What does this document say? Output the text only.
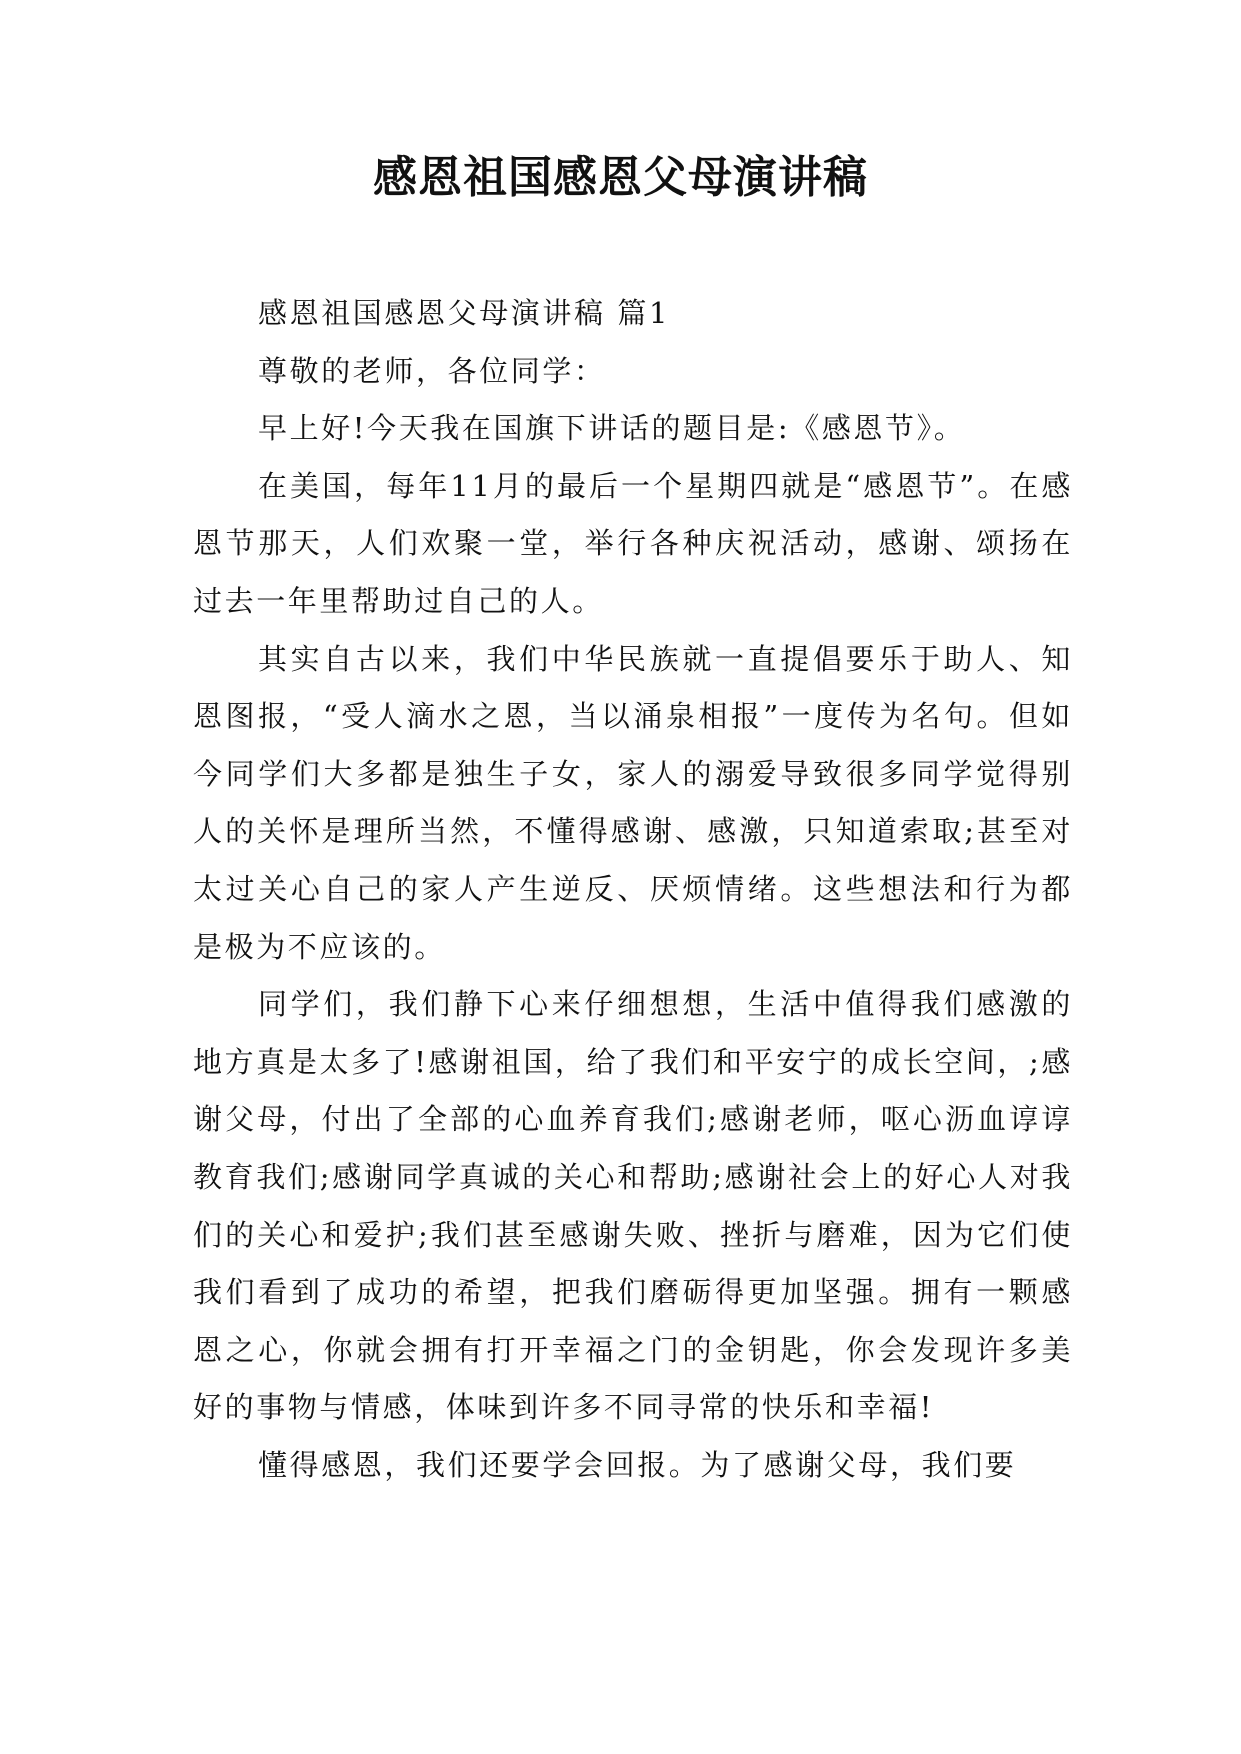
感恩祖国感恩父母演讲稿

感恩祖国感恩父母演讲稿 篇1

尊敬的老师，各位同学：

早上好!今天我在国旗下讲话的题目是:《感恩节》。

在美国，每年11月的最后一个星期四就是“感恩节”。在感恩节那天，人们欢聚一堂，举行各种庆祝活动，感谢、颂扬在过去一年里帮助过自己的人。

其实自古以来，我们中华民族就一直提倡要乐于助人、知恩图报，“受人滴水之恩，当以涌泉相报”一度传为名句。但如今同学们大多都是独生子女，家人的溺爱导致很多同学觉得别人的关怀是理所当然，不懂得感谢、感激，只知道索取;甚至对太过关心自己的家人产生逆反、厌烦情绪。这些想法和行为都是极为不应该的。

同学们，我们静下心来仔细想想，生活中值得我们感激的地方真是太多了!感谢祖国，给了我们和平安宁的成长空间，;感谢父母，付出了全部的心血养育我们;感谢老师，呕心沥血谆谆教育我们;感谢同学真诚的关心和帮助;感谢社会上的好心人对我们的关心和爱护;我们甚至感谢失败、挫折与磨难，因为它们使我们看到了成功的希望，把我们磨砺得更加坚强。拥有一颗感恩之心，你就会拥有打开幸福之门的金钥匙，你会发现许多美好的事物与情感，体味到许多不同寻常的快乐和幸福!

懂得感恩，我们还要学会回报。为了感谢父母，我们要
